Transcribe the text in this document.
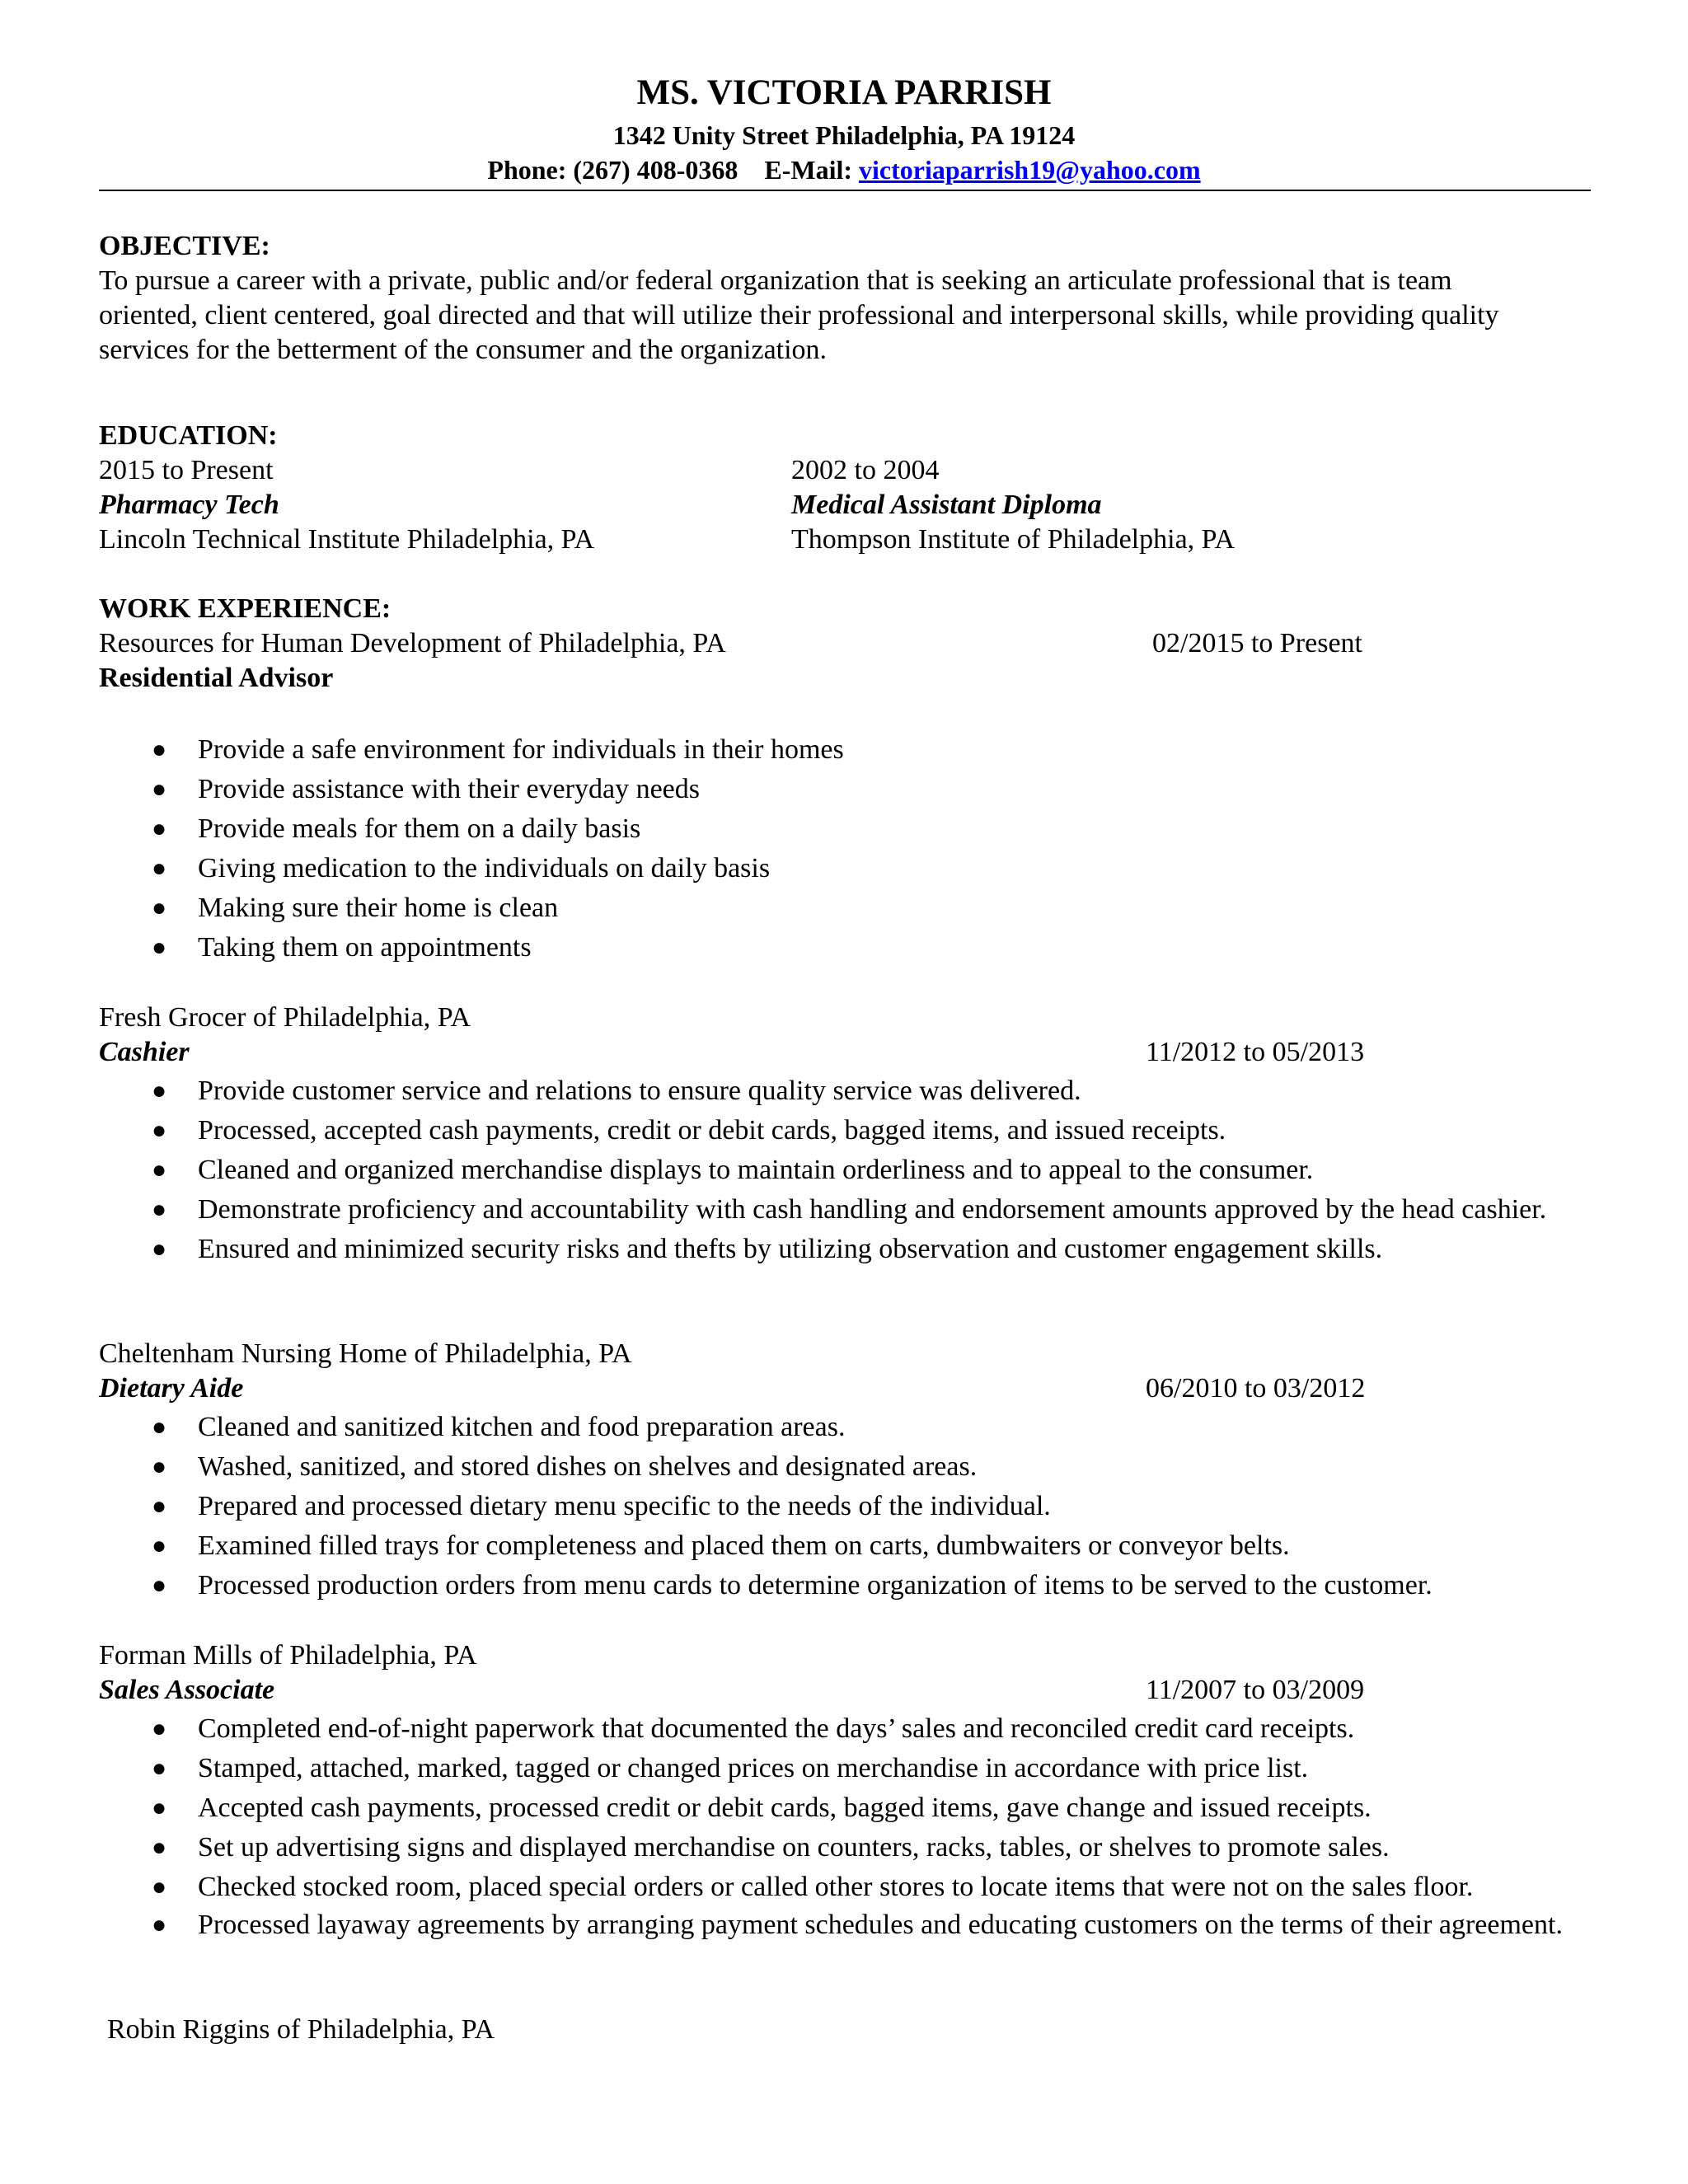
MS. VICTORIA PARRISH
1342 Unity Street Philadelphia, PA 19124
Phone: (267) 408-0368 E-Mail: victoriaparrish19@yahoo.com
OBJECTIVE:
To pursue a career with a private, public and/or federal organization that is seeking an articulate professional that is team oriented, client centered, goal directed and that will utilize their professional and interpersonal skills, while providing quality services for the betterment of the consumer and the organization.
EDUCATION:
2015 to Present
Pharmacy Tech
Lincoln Technical Institute Philadelphia, PA
2002 to 2004
Medical Assistant Diploma
Thompson Institute of Philadelphia, PA
WORK EXPERIENCE:
Resources for Human Development of Philadelphia, PA	02/2015 to Present
Residential Advisor
● Provide a safe environment for individuals in their homes
● Provide assistance with their everyday needs
● Provide meals for them on a daily basis
● Giving medication to the individuals on daily basis
● Making sure their home is clean
● Taking them on appointments
Fresh Grocer of Philadelphia, PA
Cashier	11/2012 to 05/2013
● Provide customer service and relations to ensure quality service was delivered.
● Processed, accepted cash payments, credit or debit cards, bagged items, and issued receipts.
● Cleaned and organized merchandise displays to maintain orderliness and to appeal to the consumer.
● Demonstrate proficiency and accountability with cash handling and endorsement amounts approved by the head cashier.
● Ensured and minimized security risks and thefts by utilizing observation and customer engagement skills.
Cheltenham Nursing Home of Philadelphia, PA
Dietary Aide	06/2010 to 03/2012
● Cleaned and sanitized kitchen and food preparation areas.
● Washed, sanitized, and stored dishes on shelves and designated areas.
● Prepared and processed dietary menu specific to the needs of the individual.
● Examined filled trays for completeness and placed them on carts, dumbwaiters or conveyor belts.
● Processed production orders from menu cards to determine organization of items to be served to the customer.
Forman Mills of Philadelphia, PA
Sales Associate	11/2007 to 03/2009
● Completed end-of-night paperwork that documented the days’ sales and reconciled credit card receipts.
● Stamped, attached, marked, tagged or changed prices on merchandise in accordance with price list.
● Accepted cash payments, processed credit or debit cards, bagged items, gave change and issued receipts.
● Set up advertising signs and displayed merchandise on counters, racks, tables, or shelves to promote sales.
● Checked stocked room, placed special orders or called other stores to locate items that were not on the sales floor.
● Processed layaway agreements by arranging payment schedules and educating customers on the terms of their agreement.
Robin Riggins of Philadelphia, PA
